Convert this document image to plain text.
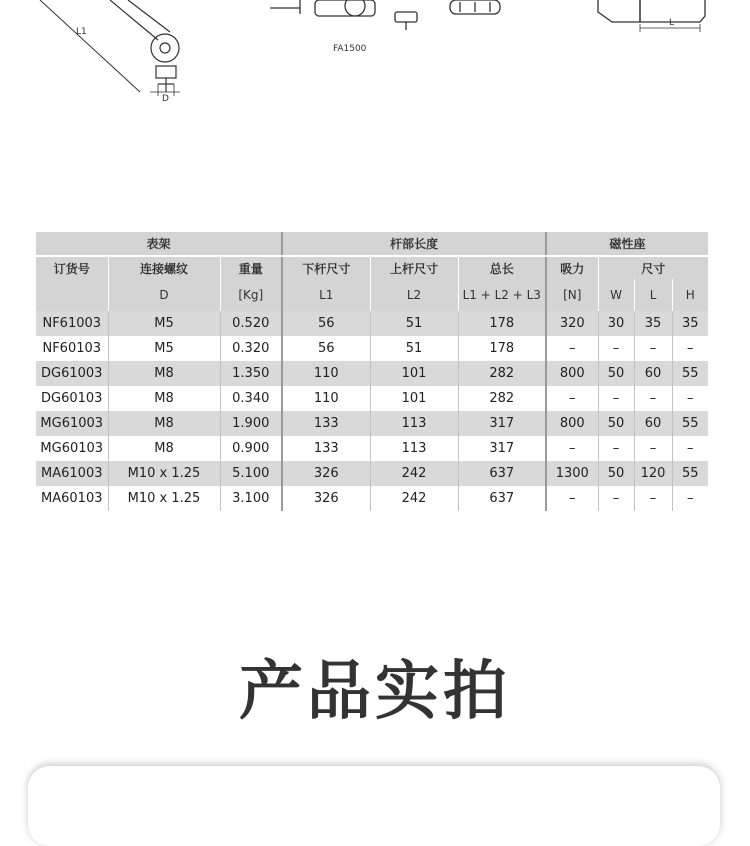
L1
D
FA1500
L
表架			杆部长度			磁性座			
订货号	连接螺纹	重量	下杆尺寸	上杆尺寸	总长	吸力	尺寸		
	D	[Kg]	L1	L2	L1 + L2 + L3	[N]	W	L	H
NF61003	M5	0.520	56	51	178	320	30	35	35
NF60103	M5	0.320	56	51	178	–	–	–	–
DG61003	M8	1.350	110	101	282	800	50	60	55
DG60103	M8	0.340	110	101	282	–	–	–	–
MG61003	M8	1.900	133	113	317	800	50	60	55
MG60103	M8	0.900	133	113	317	–	–	–	–
MA61003	M10 x 1.25	5.100	326	242	637	1300	50	120	55
MA60103	M10 x 1.25	3.100	326	242	637	–	–	–	–
产品实拍
